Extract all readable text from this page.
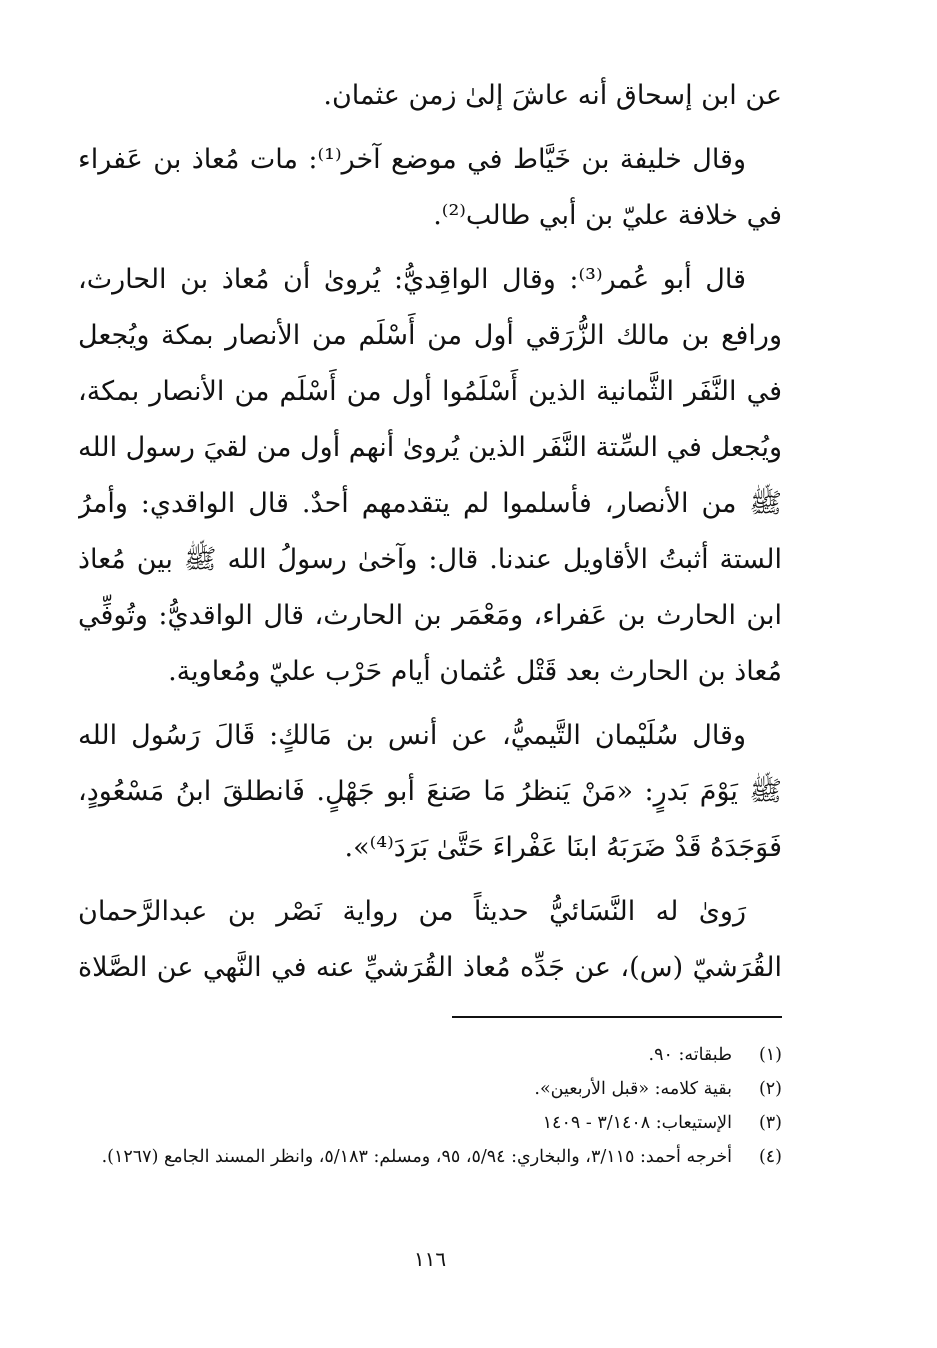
عن ابن إسحاق أنه عاشَ إلىٰ زمن عثمان.
وقال خليفة بن خَيَّاط في موضع آخر⁽¹⁾: مات مُعاذ بن عَفراء
في خلافة عليّ بن أبي طالب⁽²⁾.
قال أبو عُمر⁽³⁾: وقال الواقِديُّ: يُروىٰ أن مُعاذ بن الحارث،
ورافع بن مالك الزُّرَقي أول من أَسْلَم من الأنصار بمكة ويُجعل
في النَّفَر الثَّمانية الذين أَسْلَمُوا أول من أَسْلَم من الأنصار بمكة،
ويُجعل في السِّتة النَّفَر الذين يُروىٰ أنهم أول من لقيَ رسول الله
ﷺ من الأنصار، فأسلموا لم يتقدمهم أحدٌ. قال الواقدي: وأمرُ
الستة أثبتُ الأقاويل عندنا. قال: وآخىٰ رسولُ الله ﷺ بين مُعاذ
ابن الحارث بن عَفراء، ومَعْمَر بن الحارث، قال الواقديُّ: وتُوفِّي
مُعاذ بن الحارث بعد قَتْل عُثمان أيام حَرْب عليّ ومُعاوية.
وقال سُلَيْمان التَّيميُّ، عن أنس بن مَالكٍ: قَالَ رَسُول الله
ﷺ يَوْمَ بَدرٍ: «مَنْ يَنظرُ مَا صَنعَ أبو جَهْلٍ. فَانطلقَ ابنُ مَسْعُودٍ،
فَوَجَدَهُ قَدْ ضَرَبَهُ ابنَا عَفْراءَ حَتَّىٰ بَرَدَ⁽⁴⁾».
رَوىٰ له النَّسَائيُّ حديثاً من رواية نَصْر بن عبدالرَّحمان
القُرَشيّ (س)، عن جَدِّه مُعاذ القُرَشيِّ عنه في النَّهي عن الصَّلاة
(١)
طبقاته: ٩٠.
(٢)
بقية كلامه: «قبل الأربعين».
(٣)
الإستيعاب: ٣/١٤٠٨ - ١٤٠٩
(٤)
أخرجه أحمد: ٣/١١٥، والبخاري: ٥/٩٤، ٩٥، ومسلم: ٥/١٨٣، وانظر المسند الجامع (١٢٦٧).
١١٦
